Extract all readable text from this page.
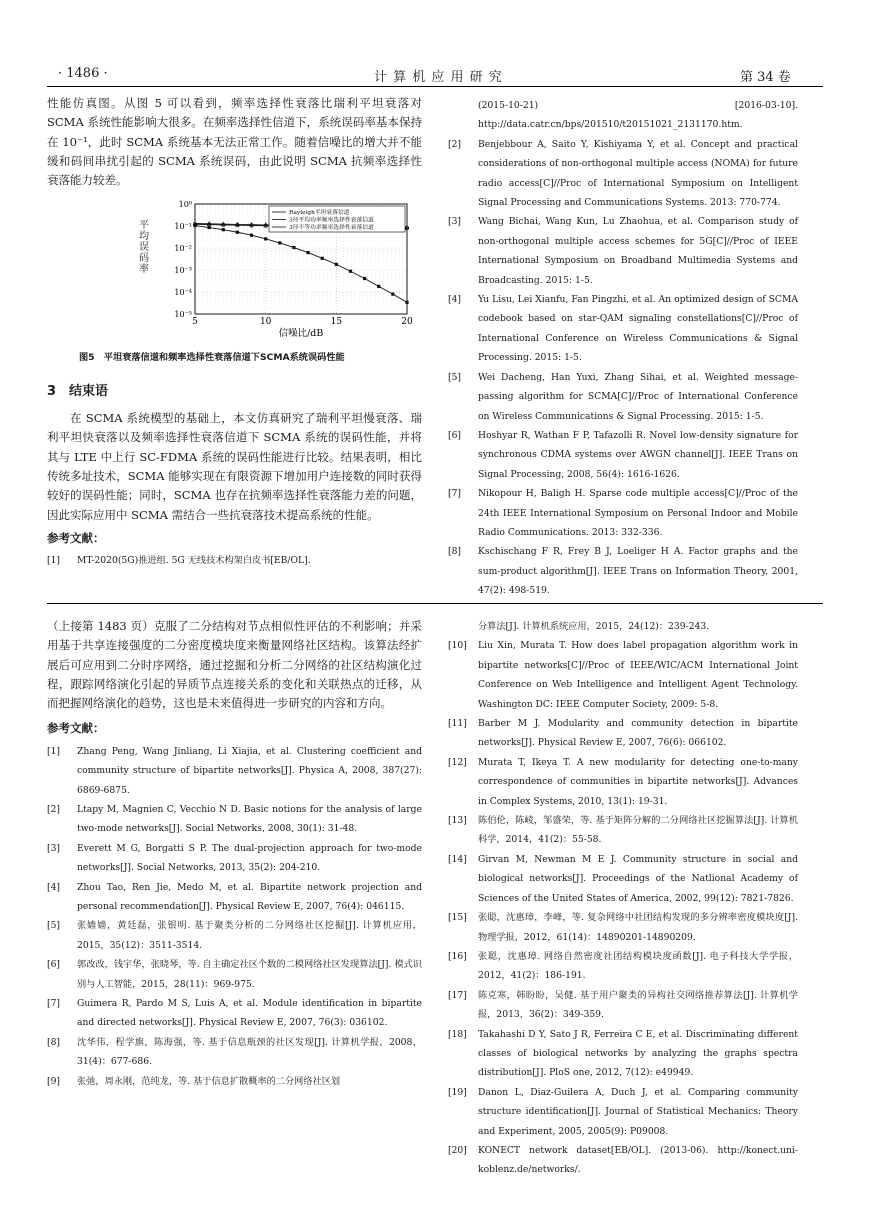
· 1486 ·	计 算 机 应 用 研 究	第 34 卷

性能仿真图。从图 5 可以看到，频率选择性衰落比瑞利平坦衰落对 SCMA 系统性能影响大很多。在频率选择性信道下，系统误码率基本保持在 10⁻¹，此时 SCMA 系统基本无法正常工作。随着信噪比的增大并不能缓和码间串扰引起的 SCMA 系统误码，由此说明 SCMA 抗频率选择性衰落能力较差。

10⁰
10⁻¹
10⁻²
10⁻³
10⁻⁴
10⁻⁵
5	10	15	20
信噪比/dB
Rayleigh平坦衰落信道
3径平均功率频率选择性衰落信道
3径不等功率频率选择性衰落信道
平均误码率
图5　平坦衰落信道和频率选择性衰落信道下SCMA系统误码性能
3　结束语

在 SCMA 系统模型的基础上，本文仿真研究了瑞利平坦慢衰落、瑞利平坦快衰落以及频率选择性衰落信道下 SCMA 系统的误码性能，并将其与 LTE 中上行 SC-FDMA 系统的误码性能进行比较。结果表明，相比传统多址技术，SCMA 能够实现在有限资源下增加用户连接数的同时获得较好的误码性能；同时，SCMA 也存在抗频率选择性衰落能力差的问题，因此实际应用中 SCMA 需结合一些抗衰落技术提高系统的性能。

参考文献：
[1]	MT-2020(5G)推进组. 5G 无线技术构架白皮书[EB/OL].
(2015-10-21) [2016-03-10]. http://data.catr.cn/bps/201510/t20151021_2131170.htm.
[2]	Benjebbour A, Saito Y, Kishiyama Y, et al. Concept and practical considerations of non-orthogonal multiple access (NOMA) for future radio access[C]//Proc of International Symposium on Intelligent Signal Processing and Communications Systems. 2013: 770-774.
[3]	Wang Bichai, Wang Kun, Lu Zhaohua, et al. Comparison study of non-orthogonal multiple access schemes for 5G[C]//Proc of IEEE International Symposium on Broadband Multimedia Systems and Broadcasting. 2015: 1-5.
[4]	Yu Lisu, Lei Xianfu, Fan Pingzhi, et al. An optimized design of SCMA codebook based on star-QAM signaling constellations[C]//Proc of International Conference on Wireless Communications & Signal Processing. 2015: 1-5.
[5]	Wei Dacheng, Han Yuxi, Zhang Sihai, et al. Weighted message-passing algorithm for SCMA[C]//Proc of International Conference on Wireless Communications & Signal Processing. 2015: 1-5.
[6]	Hoshyar R, Wathan F P, Tafazolli R. Novel low-density signature for synchronous CDMA systems over AWGN channel[J]. IEEE Trans on Signal Processing, 2008, 56(4): 1616-1626.
[7]	Nikopour H, Baligh H. Sparse code multiple access[C]//Proc of the 24th IEEE International Symposium on Personal Indoor and Mobile Radio Communications. 2013: 332-336.
[8]	Kschischang F R, Frey B J, Loeliger H A. Factor graphs and the sum-product algorithm[J]. IEEE Trans on Information Theory, 2001, 47(2): 498-519.

（上接第 1483 页）克服了二分结构对节点相似性评估的不利影响；并采用基于共享连接强度的二分密度模块度来衡量网络社区结构。该算法经扩展后可应用到二分时序网络，通过挖掘和分析二分网络的社区结构演化过程，跟踪网络演化引起的异质节点连接关系的变化和关联热点的迁移，从而把握网络演化的趋势，这也是未来值得进一步研究的内容和方向。

参考文献：
[1]	Zhang Peng, Wang Jinliang, Li Xiajia, et al. Clustering coefficient and community structure of bipartite networks[J]. Physica A, 2008, 387(27): 6869-6875.
[2]	Ltapy M, Magnien C, Vecchio N D. Basic notions for the analysis of large two-mode networks[J]. Social Networks, 2008, 30(1): 31-48.
[3]	Everett M G, Borgatti S P. The dual-projection approach for two-mode networks[J]. Social Networks, 2013, 35(2): 204-210.
[4]	Zhou Tao, Ren Jie, Medo M, et al. Bipartite network projection and personal recommendation[J]. Physical Review E, 2007, 76(4): 046115.
[5]	张嫱嫱，黄廷磊，张银明. 基于聚类分析的二分网络社区挖掘[J]. 计算机应用，2015，35(12)：3511-3514.
[6]	郭改改，钱宇华，张晓琴，等. 自主确定社区个数的二模网络社区发现算法[J]. 模式识别与人工智能，2015，28(11)：969-975.
[7]	Guimera R, Pardo M S, Luis A, et al. Module identification in bipartite and directed networks[J]. Physical Review E, 2007, 76(3): 036102.
[8]	沈华伟，程学旗，陈海强，等. 基于信息瓶颈的社区发现[J]. 计算机学报，2008，31(4)：677-686.
[9]	张弛，周永刚，范纯龙，等. 基于信息扩散概率的二分网络社区划
分算法[J]. 计算机系统应用，2015，24(12)：239-243.
[10]	Liu Xin, Murata T. How does label propagation algorithm work in bipartite networks[C]//Proc of IEEE/WIC/ACM International Joint Conference on Web Intelligence and Intelligent Agent Technology. Washington DC: IEEE Computer Society, 2009: 5-8.
[11]	Barber M J. Modularity and community detection in bipartite networks[J]. Physical Review E, 2007, 76(6): 066102.
[12]	Murata T, Ikeya T. A new modularity for detecting one-to-many correspondence of communities in bipartite networks[J]. Advances in Complex Systems, 2010, 13(1): 19-31.
[13]	陈伯伦，陈崚，邹盛荣，等. 基于矩阵分解的二分网络社区挖掘算法[J]. 计算机科学，2014，41(2)：55-58.
[14]	Girvan M, Newman M E J. Community structure in social and biological networks[J]. Proceedings of the Natlional Academy of Sciences of the United States of America, 2002, 99(12): 7821-7826.
[15]	张聪，沈惠璋，李峰，等. 复杂网络中社团结构发现的多分辨率密度模块度[J]. 物理学报，2012，61(14)：14890201-14890209.
[16]	张聪，沈惠璋. 网络自然密度社团结构模块度函数[J]. 电子科技大学学报，2012，41(2)：186-191.
[17]	陈克寒，韩盼盼，吴健. 基于用户聚类的异构社交网络推荐算法[J]. 计算机学报，2013，36(2)：349-359.
[18]	Takahashi D Y, Sato J R, Ferreira C E, et al. Discriminating different classes of biological networks by analyzing the graphs spectra distribution[J]. PloS one, 2012, 7(12): e49949.
[19]	Danon L, Diaz-Guilera A, Duch J, et al. Comparing community structure identification[J]. Journal of Statistical Mechanics: Theory and Experiment, 2005, 2005(9): P09008.
[20]	KONECT network dataset[EB/OL]. (2013-06). http://konect.uni-koblenz.de/networks/.
